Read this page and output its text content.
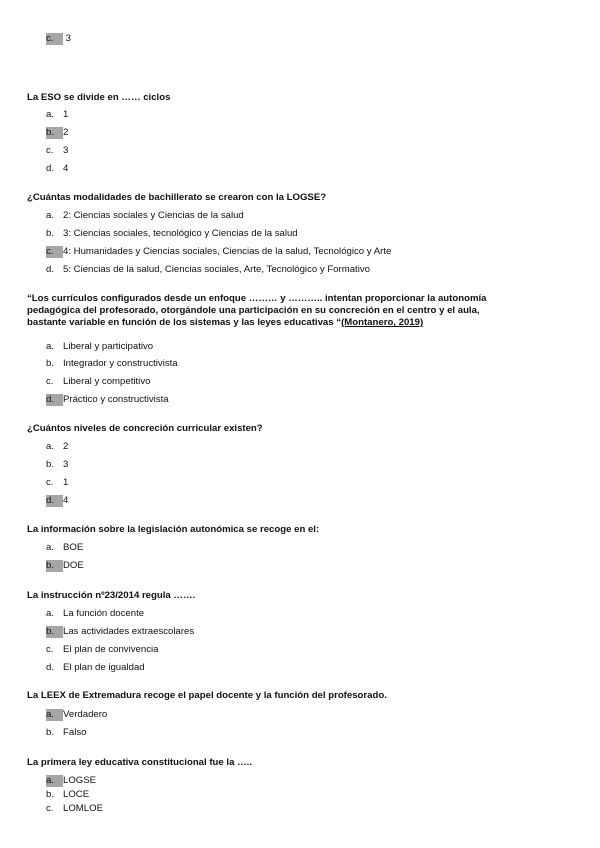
c. 3
La ESO se divide en …… ciclos
a. 1
b. 2
c. 3
d. 4
¿Cuántas modalidades de bachillerato se crearon con la LOGSE?
a. 2: Ciencias sociales y Ciencias de la salud
b. 3: Ciencias sociales, tecnológico y Ciencias de la salud
c. 4: Humanidades y Ciencias sociales, Ciencias de la salud, Tecnológico y Arte
d. 5: Ciencias de la salud, Ciencias sociales, Arte, Tecnológico y Formativo
“Los currículos configurados desde un enfoque ……… y ……….. intentan proporcionar la autonomía
pedagógica del profesorado, otorgándole una participación en su concreción en el centro y el aula,
bastante variable en función de los sistemas y las leyes educativas “(Montanero, 2019)
a. Liberal y participativo
b. Integrador y constructivista
c. Liberal y competitivo
d. Práctico y constructivista
¿Cuántos niveles de concreción curricular existen?
a. 2
b. 3
c. 1
d. 4
La información sobre la legislación autonómica se recoge en el:
a. BOE
b. DOE
La instrucción nº23/2014 regula …….
a. La función docente
b. Las actividades extraescolares
c. El plan de convivencia
d. El plan de igualdad
La LEEX de Extremadura recoge el papel docente y la función del profesorado.
a. Verdadero
b. Falso
La primera ley educativa constitucional fue la …..
a. LOGSE
b. LOCE
c. LOMLOE
